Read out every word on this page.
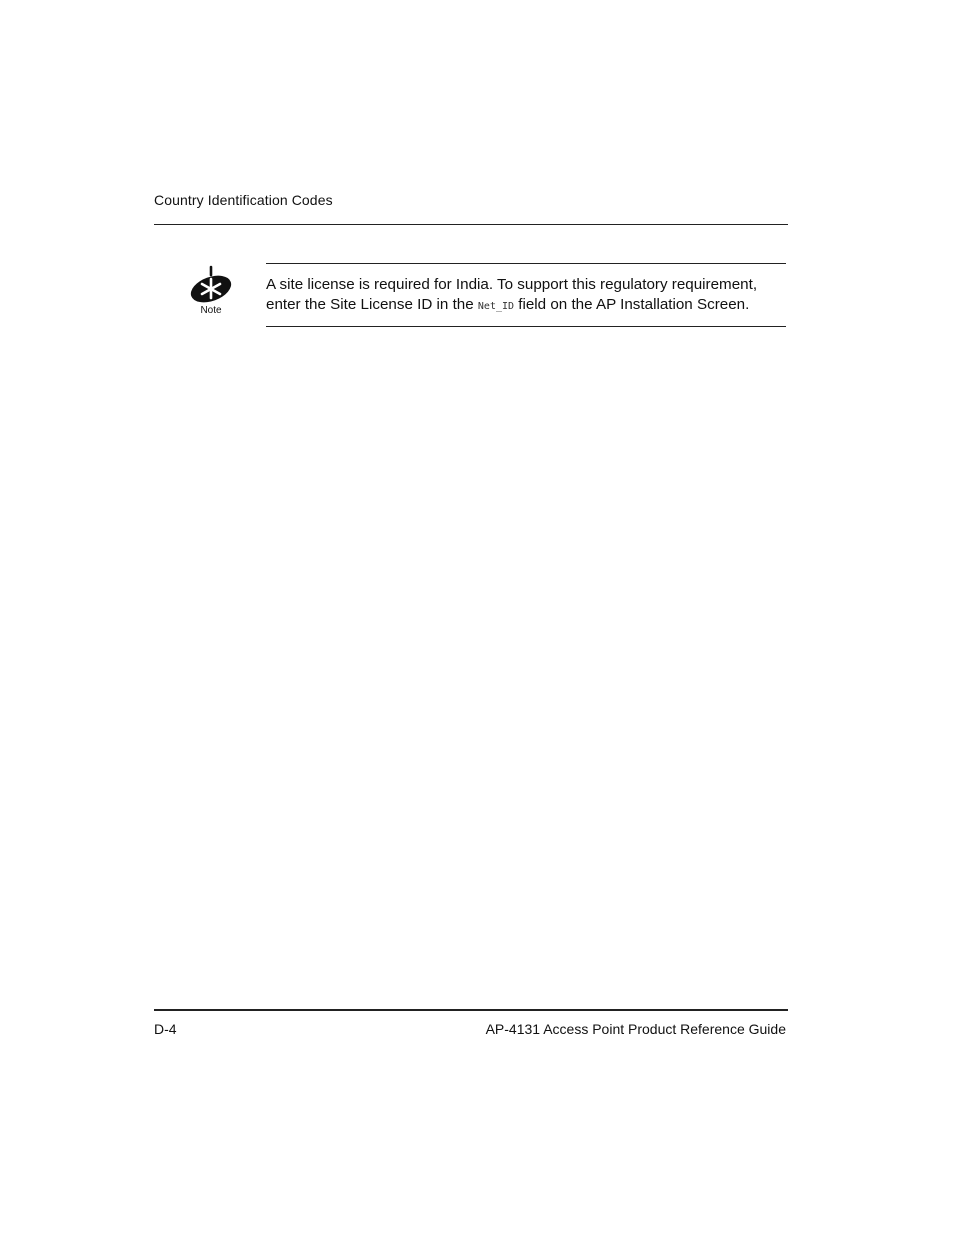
Country Identification Codes
Note
A site license is required for India. To support this regulatory requirement,
enter the Site License ID in the Net_ID field on the AP Installation Screen.
D-4	AP-4131 Access Point Product Reference Guide
